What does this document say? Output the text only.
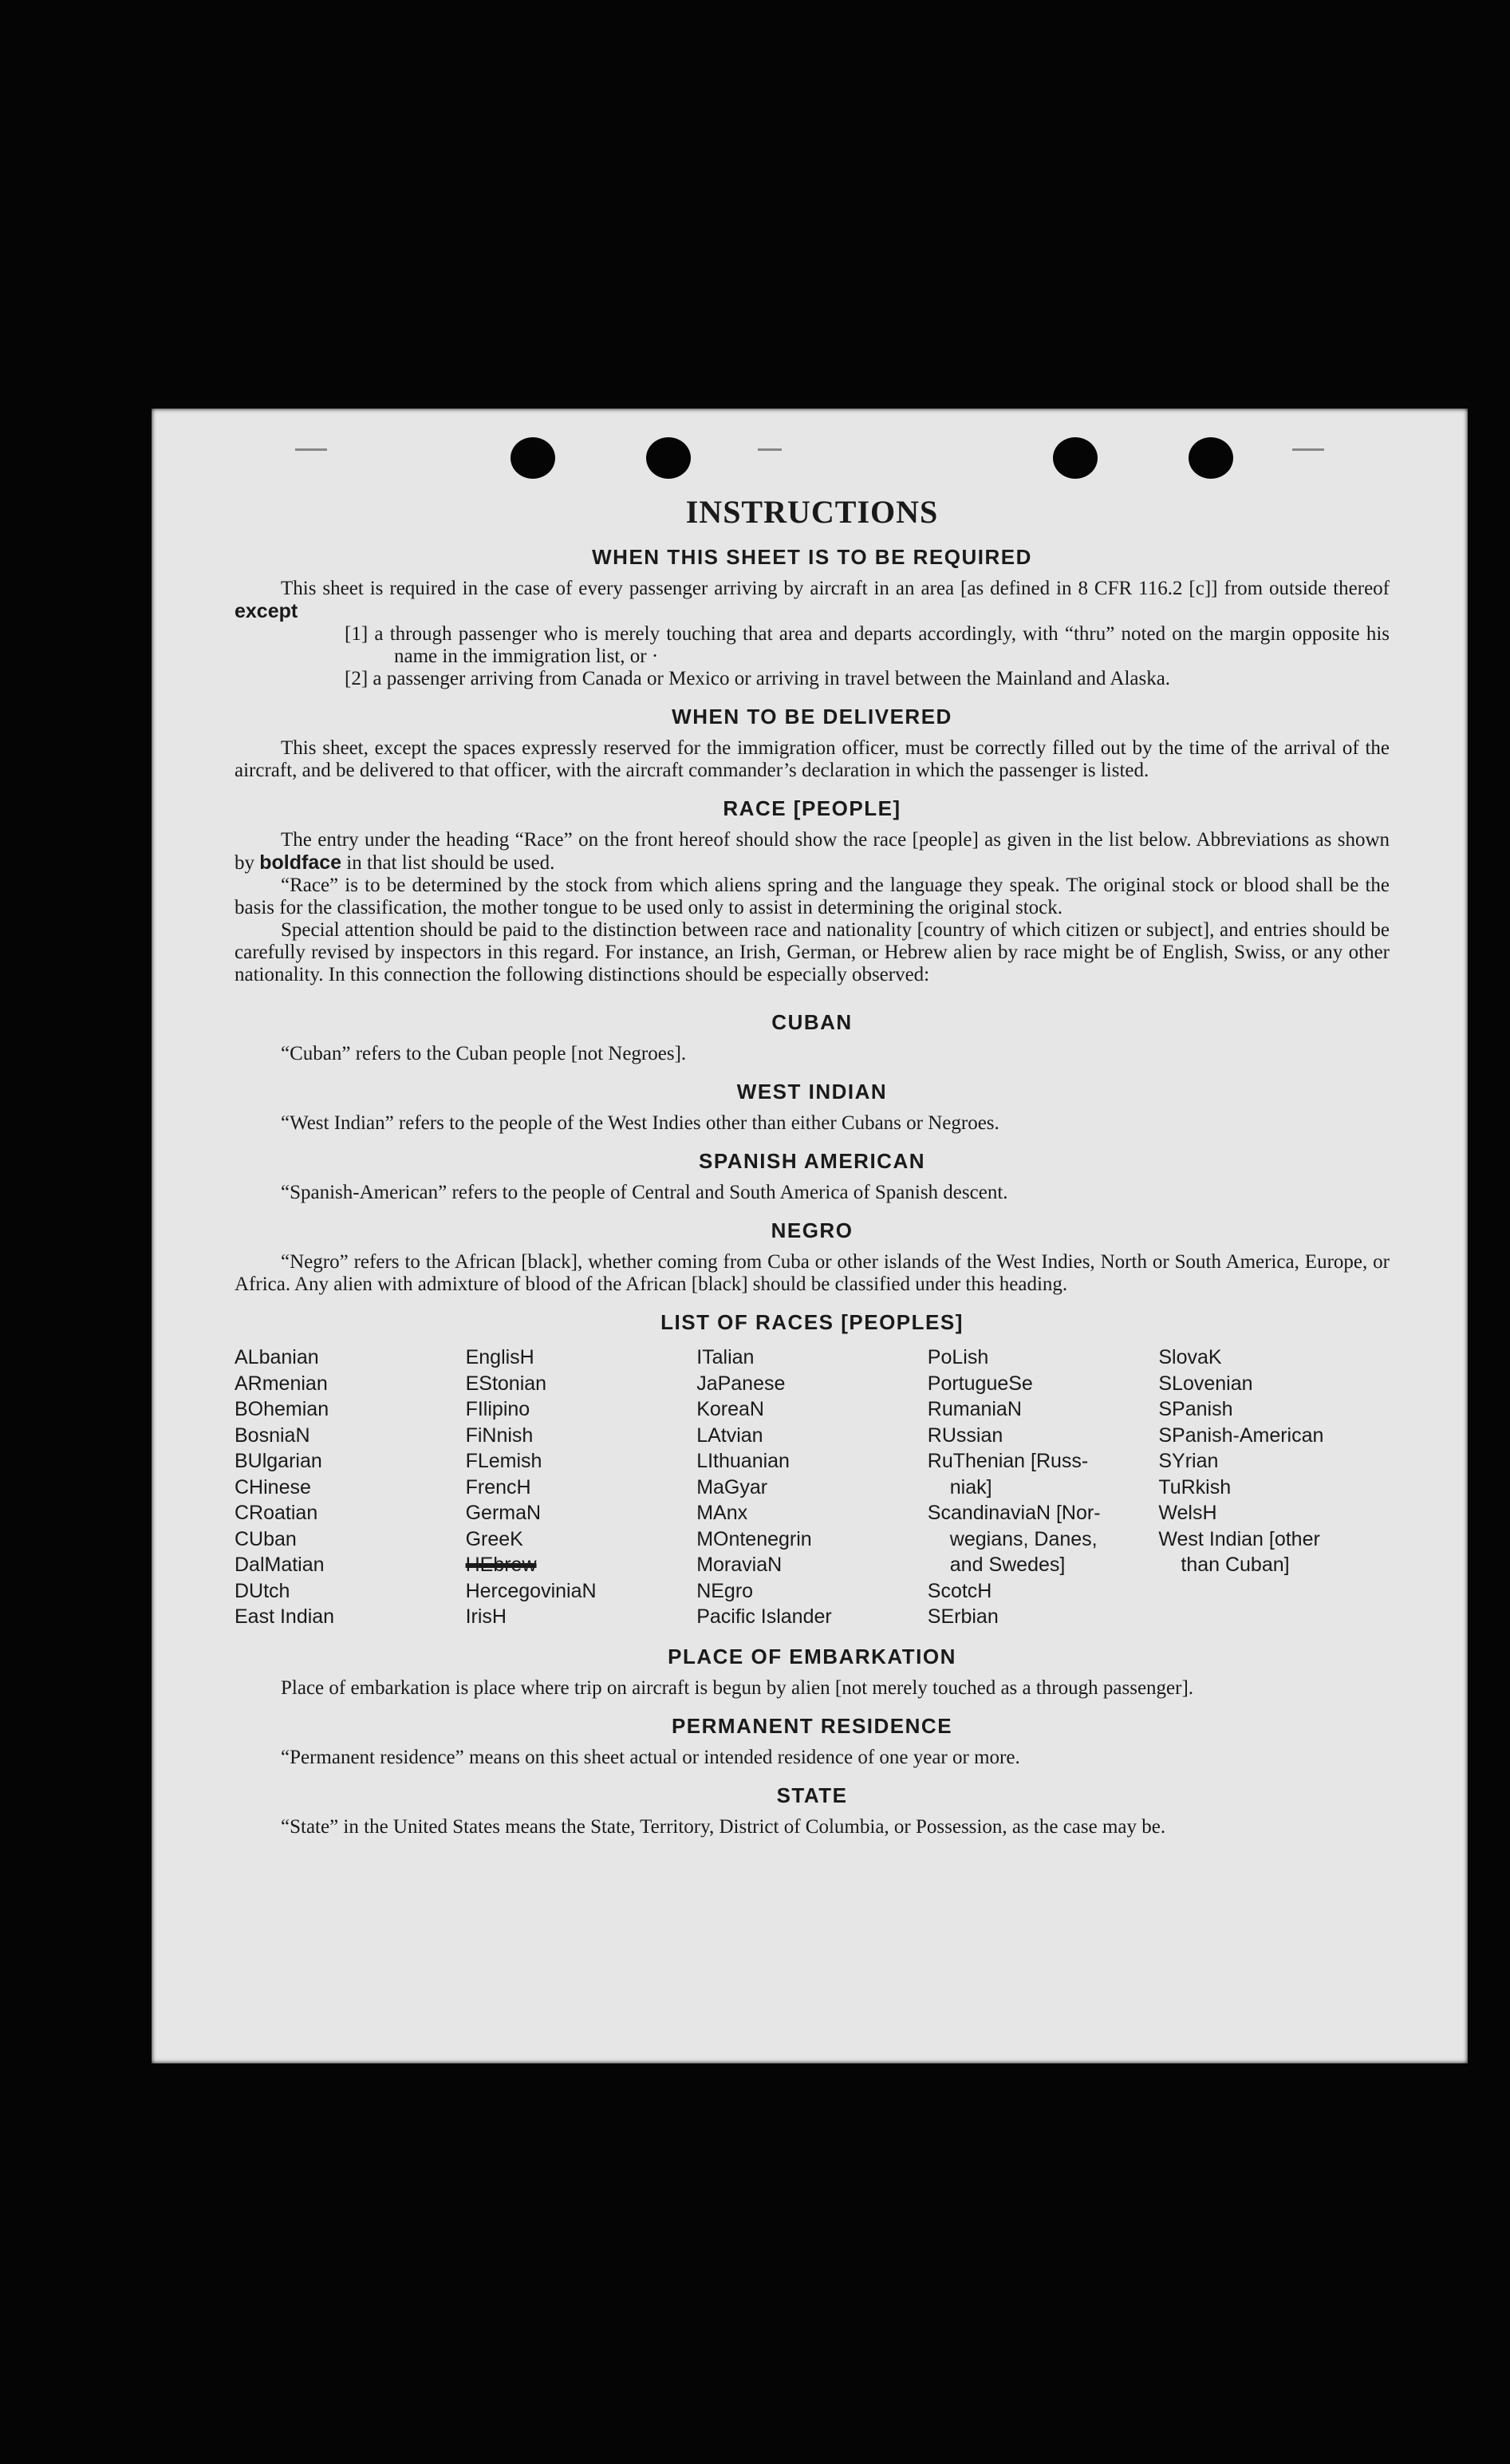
INSTRUCTIONS
WHEN THIS SHEET IS TO BE REQUIRED

This sheet is required in the case of every passenger arriving by aircraft in an area [as defined in 8 CFR 116.2 [c]] from outside thereof except

[1] a through passenger who is merely touching that area and departs accordingly, with “thru” noted on the margin opposite his name in the immigration list, or ·

[2] a passenger arriving from Canada or Mexico or arriving in travel between the Mainland and Alaska.

WHEN TO BE DELIVERED

This sheet, except the spaces expressly reserved for the immigration officer, must be correctly filled out by the time of the arrival of the aircraft, and be delivered to that officer, with the aircraft commander’s declaration in which the passenger is listed.

RACE [PEOPLE]

The entry under the heading “Race” on the front hereof should show the race [people] as given in the list below. Abbreviations as shown by boldface in that list should be used.

“Race” is to be determined by the stock from which aliens spring and the language they speak. The original stock or blood shall be the basis for the classification, the mother tongue to be used only to assist in determining the original stock.

Special attention should be paid to the distinction between race and nationality [country of which citizen or subject], and entries should be carefully revised by inspectors in this regard. For instance, an Irish, German, or Hebrew alien by race might be of English, Swiss, or any other nationality. In this connection the following distinctions should be especially observed:

CUBAN

“Cuban” refers to the Cuban people [not Negroes].

WEST INDIAN

“West Indian” refers to the people of the West Indies other than either Cubans or Negroes.

SPANISH AMERICAN

“Spanish-American” refers to the people of Central and South America of Spanish descent.

NEGRO

“Negro” refers to the African [black], whether coming from Cuba or other islands of the West Indies, North or South America, Europe, or Africa. Any alien with admixture of blood of the African [black] should be classified under this heading.

LIST OF RACES [PEOPLES]
ALbanian
ARmenian
BOhemian
BosniaN
BUlgarian
CHinese
CRoatian
CUban
DalMatian
DUtch
East Indian
EnglisH
EStonian
FIlipino
FiNnish
FLemish
FrencH
GermaN
GreeK
HEbrew
HercegoviniaN
IrisH
ITalian
JaPanese
KoreaN
LAtvian
LIthuanian
MaGyar
MAnx
MOntenegrin
MoraviaN
NEgro
Pacific Islander
PoLish
PortugueSe
RumaniaN
RUssian
RuThenian [Russ-
niak]
ScandinaviaN [Nor-
wegians, Danes,
and Swedes]
ScotcH
SErbian
SlovaK
SLovenian
SPanish
SPanish-American
SYrian
TuRkish
WelsH
West Indian [other
than Cuban]
PLACE OF EMBARKATION

Place of embarkation is place where trip on aircraft is begun by alien [not merely touched as a through passenger].

PERMANENT RESIDENCE

“Permanent residence” means on this sheet actual or intended residence of one year or more.

STATE

“State” in the United States means the State, Territory, District of Columbia, or Possession, as the case may be.
